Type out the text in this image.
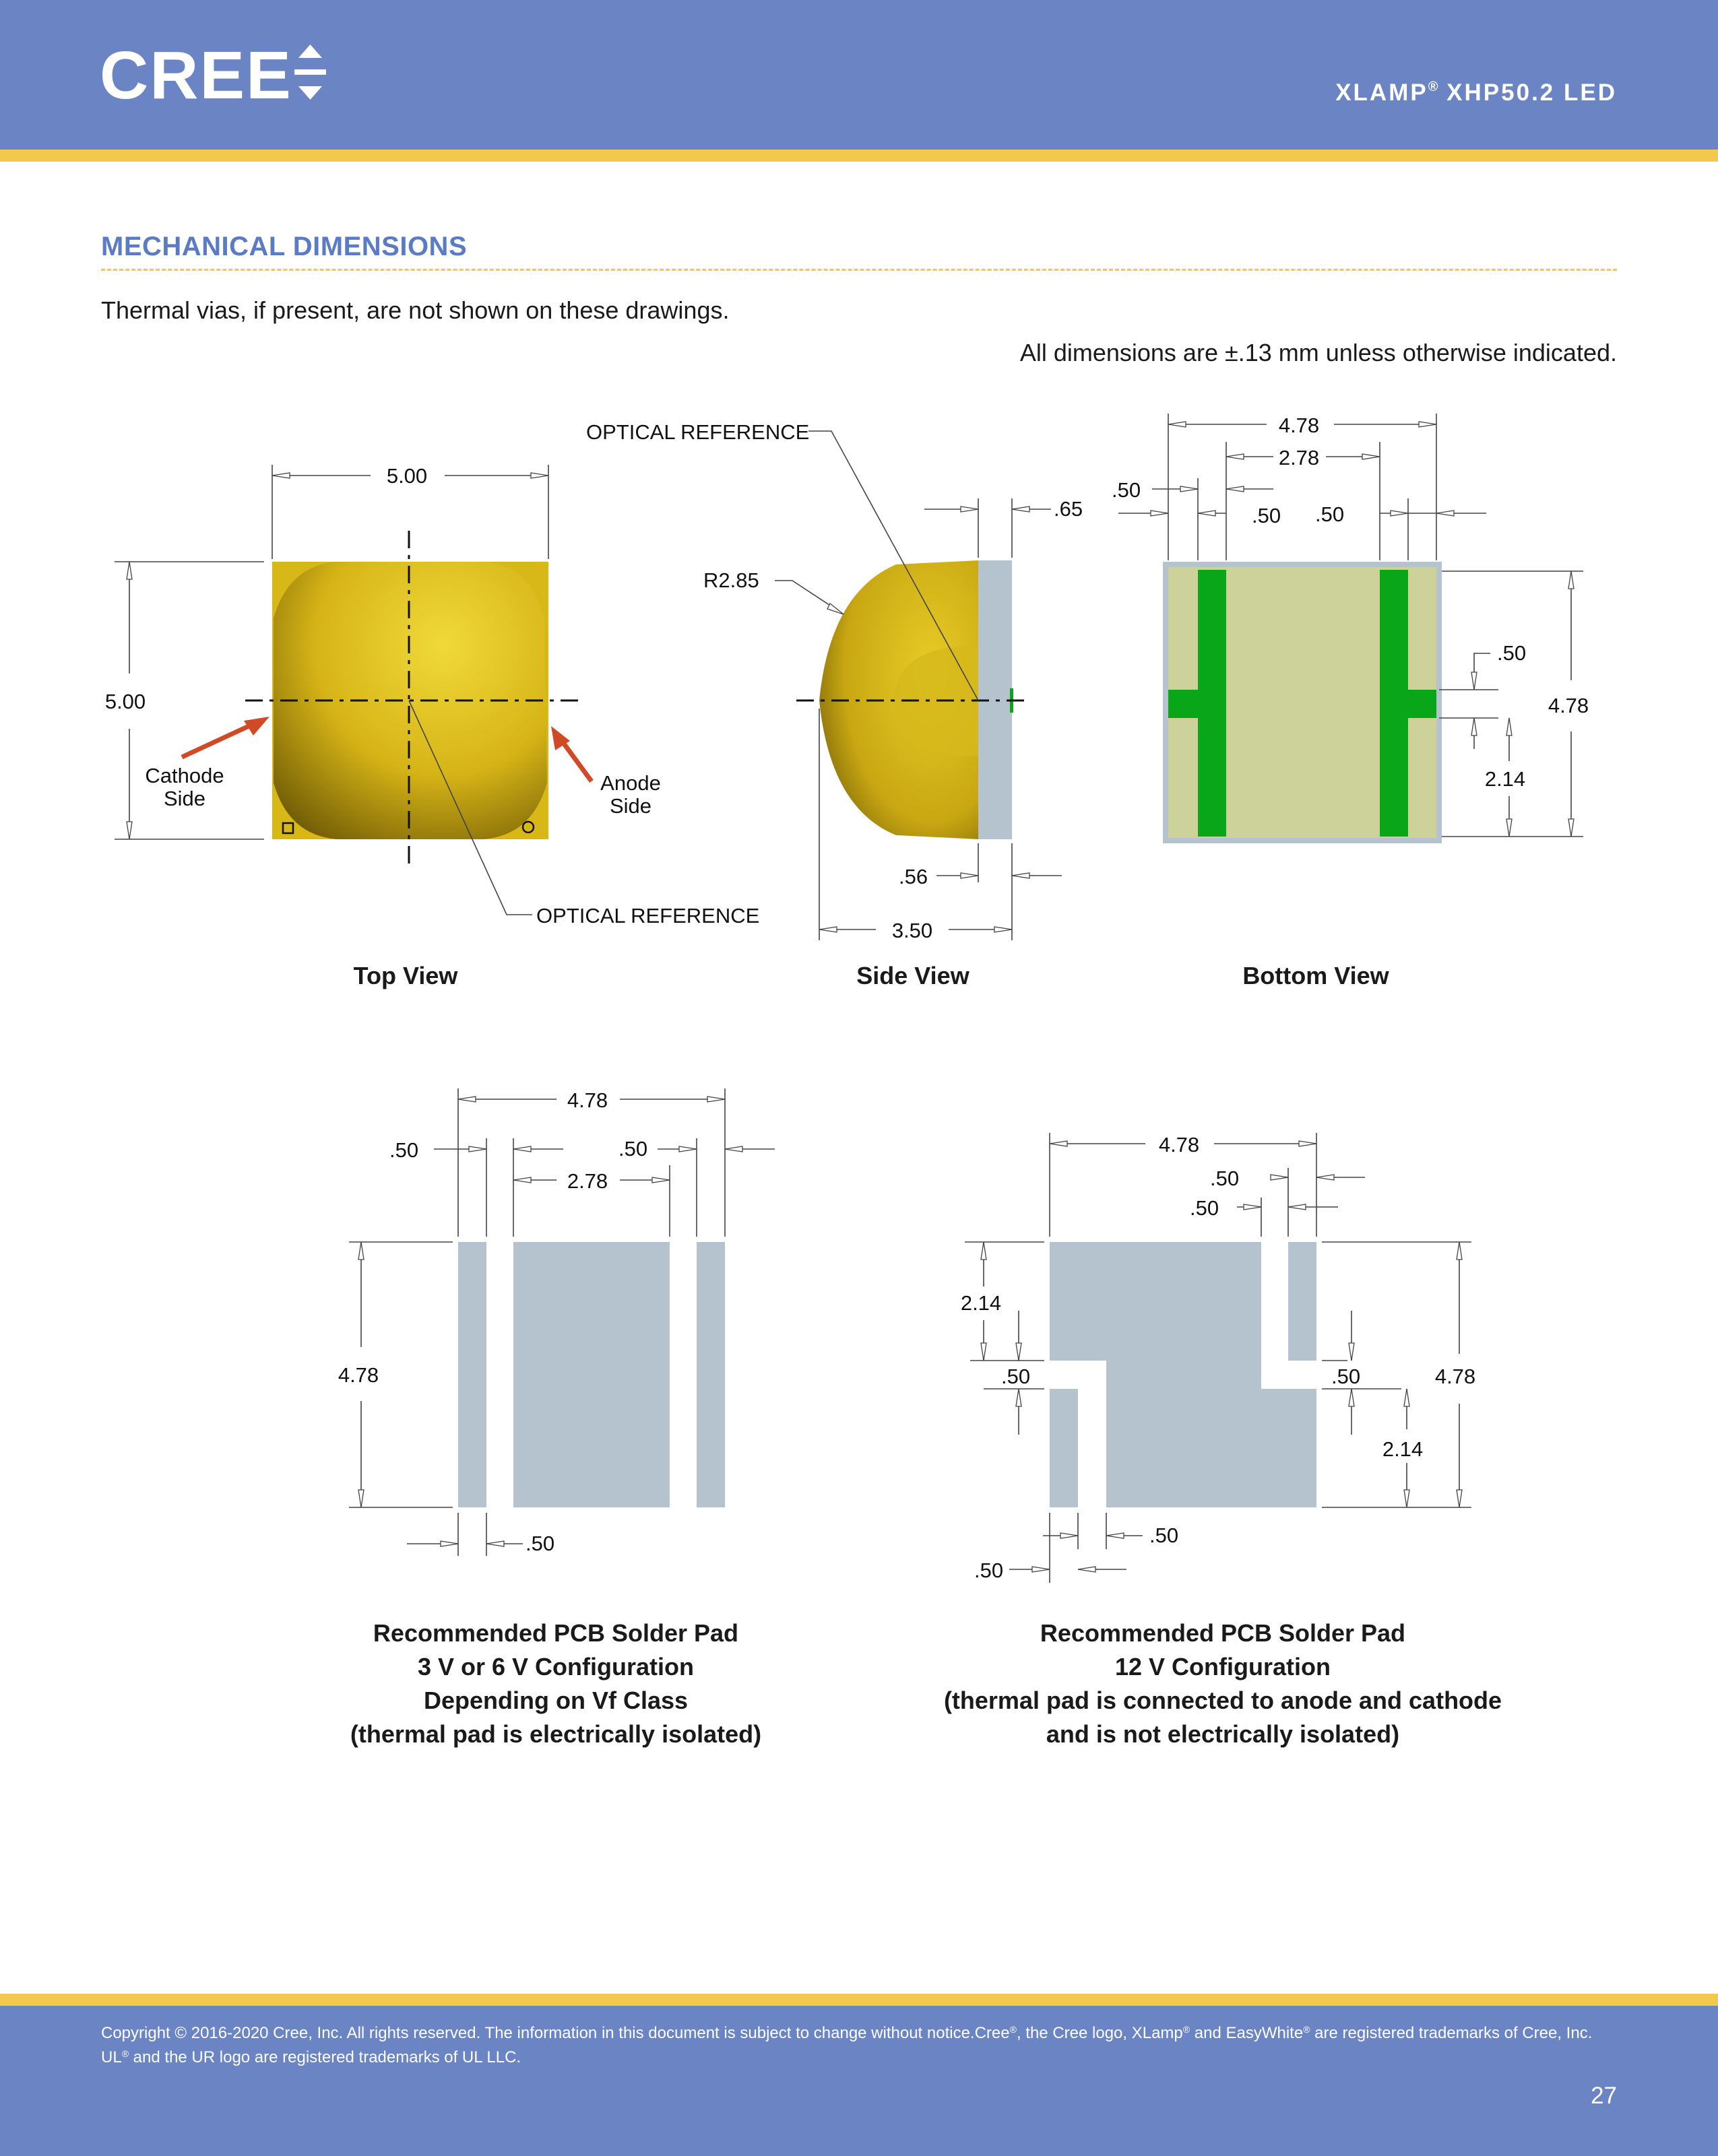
CREE	XLAMP® XHP50.2 LED
MECHANICAL DIMENSIONS
Thermal vias, if present, are not shown on these drawings.
All dimensions are ±.13 mm unless otherwise indicated.
5.00
5.00
Cathode
Side
Anode
Side
OPTICAL REFERENCE
OPTICAL REFERENCE
R2.85
.65
.56
3.50
4.78
2.78
.50
.50 .50
4.78
.50
2.14
4.78
.50	.50
2.78
4.78
.50
4.78
.50
.50
2.14
.50	.50	4.78
2.14
.50
.50
Top View	Side View	Bottom View
Recommended PCB Solder Pad
3 V or 6 V Configuration
Depending on Vf Class
(thermal pad is electrically isolated)
Recommended PCB Solder Pad
12 V Configuration
(thermal pad is connected to anode and cathode
and is not electrically isolated)
Copyright © 2016-2020 Cree, Inc. All rights reserved. The information in this document is subject to change without notice.Cree®, the Cree logo, XLamp® and EasyWhite® are registered trademarks of Cree, Inc. UL® and the UR logo are registered trademarks of UL LLC.
27
